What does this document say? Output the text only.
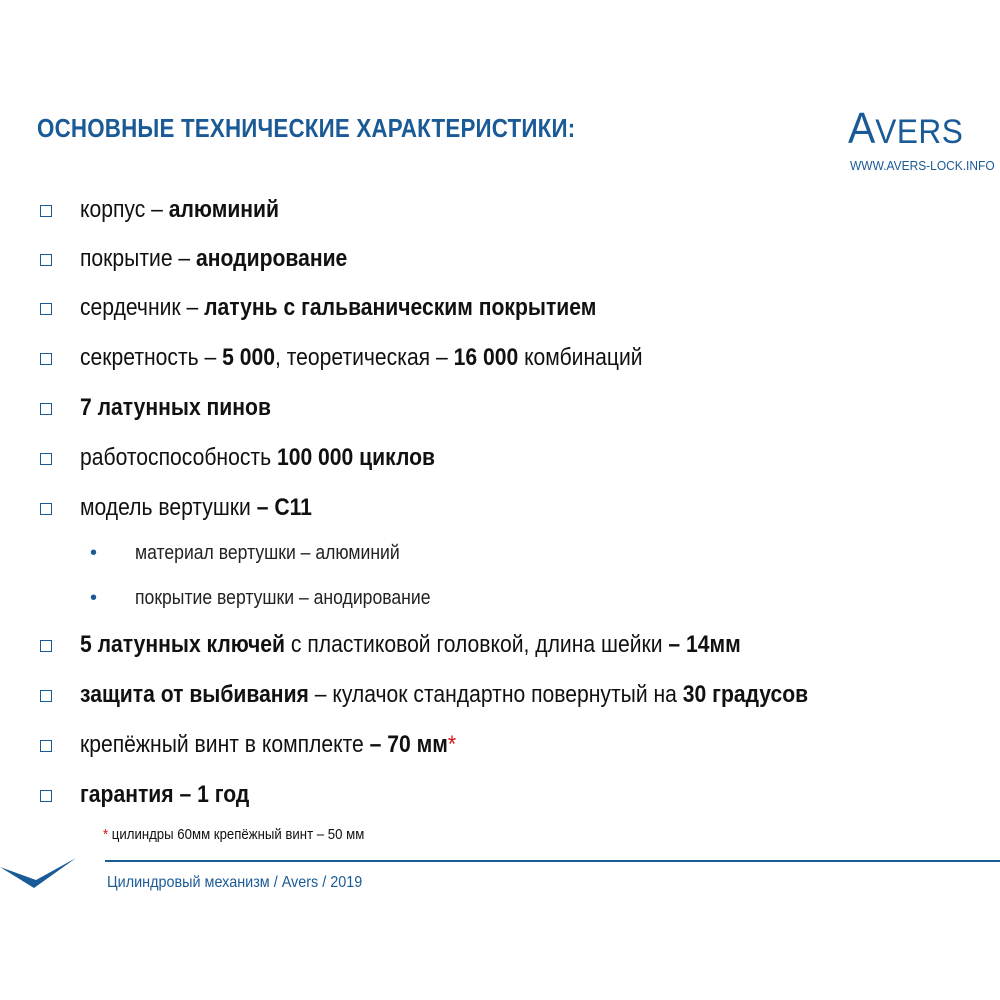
ОСНОВНЫЕ ТЕХНИЧЕСКИЕ ХАРАКТЕРИСТИКИ:	AVERS
WWW.AVERS-LOCK.INFO
корпус – алюминий
покрытие – анодирование
сердечник – латунь с гальваническим покрытием
секретность – 5 000, теоретическая – 16 000 комбинаций
7 латунных пинов
работоспособность 100 000 циклов
модель вертушки – С11
5 латунных ключей с пластиковой головкой, длина шейки – 14мм
защита от выбивания – кулачок стандартно повернутый на 30 градусов
крепёжный винт в комплекте – 70 мм*
гарантия – 1 год
•	материал вертушки – алюминий
•	покрытие вертушки – анодирование
* цилиндры 60мм крепёжный винт – 50 мм
Цилиндровый механизм / Avers / 2019
